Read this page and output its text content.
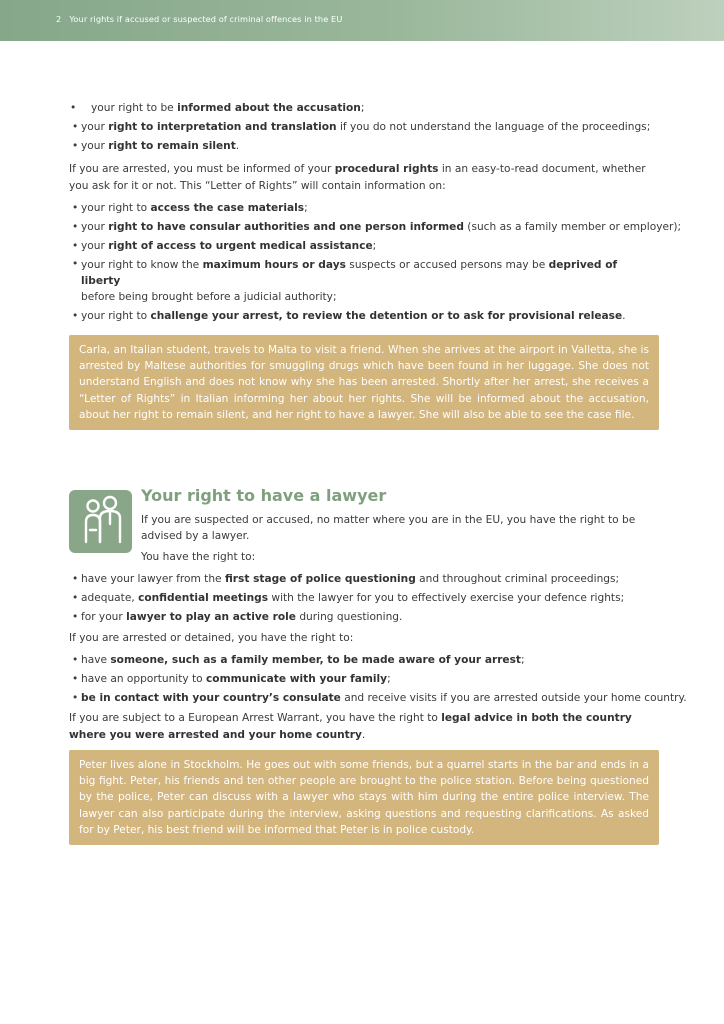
2 Your rights if accused or suspected of criminal offences in the EU
• your right to be informed about the accusation;
• your right to interpretation and translation if you do not understand the language of the proceedings;
• your right to remain silent.
If you are arrested, you must be informed of your procedural rights in an easy-to-read document, whether you ask for it or not. This “Letter of Rights” will contain information on:
• your right to access the case materials;
• your right to have consular authorities and one person informed (such as a family member or employer);
• your right of access to urgent medical assistance;
• your right to know the maximum hours or days suspects or accused persons may be deprived of liberty
before being brought before a judicial authority;
• your right to challenge your arrest, to review the detention or to ask for provisional release.
Carla, an Italian student, travels to Malta to visit a friend. When she arrives at the airport in Valletta, she is arrested by Maltese authorities for smuggling drugs which have been found in her luggage. She does not understand English and does not know why she has been arrested. Shortly after her arrest, she receives a “Letter of Rights” in Italian informing her about her rights. She will be informed about the accusation, about her right to remain silent, and her right to have a lawyer. She will also be able to see the case file.
Your right to have a lawyer
If you are suspected or accused, no matter where you are in the EU, you have the right to be advised by a lawyer.
You have the right to:
• have your lawyer from the first stage of police questioning and throughout criminal proceedings;
• adequate, confidential meetings with the lawyer for you to effectively exercise your defence rights;
• for your lawyer to play an active role during questioning.
If you are arrested or detained, you have the right to:
• have someone, such as a family member, to be made aware of your arrest;
• have an opportunity to communicate with your family;
• be in contact with your country’s consulate and receive visits if you are arrested outside your home country.
If you are subject to a European Arrest Warrant, you have the right to legal advice in both the country where you were arrested and your home country.
Peter lives alone in Stockholm. He goes out with some friends, but a quarrel starts in the bar and ends in a big fight. Peter, his friends and ten other people are brought to the police station. Before being questioned by the police, Peter can discuss with a lawyer who stays with him during the entire police interview. The lawyer can also participate during the interview, asking questions and requesting clarifications. As asked for by Peter, his best friend will be informed that Peter is in police custody.
